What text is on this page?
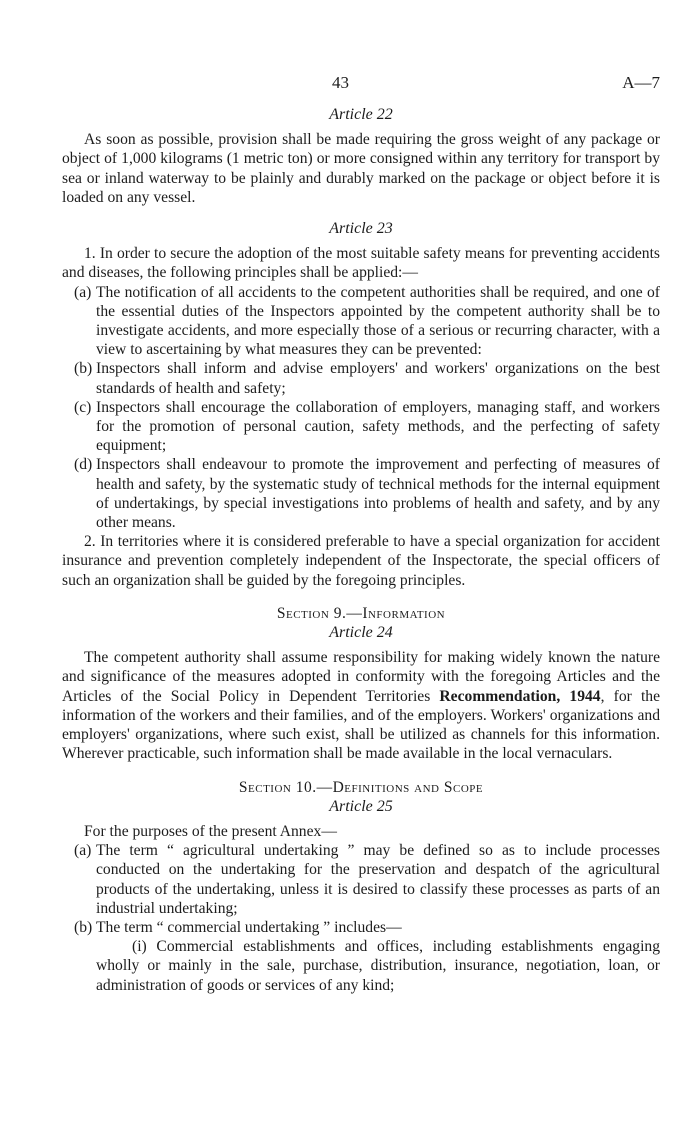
43	A—7

Article 22

As soon as possible, provision shall be made requiring the gross weight of any package or object of 1,000 kilograms (1 metric ton) or more consigned within any territory for transport by sea or inland waterway to be plainly and durably marked on the package or object before it is loaded on any vessel.

Article 23

1. In order to secure the adoption of the most suitable safety means for preventing accidents and diseases, the following principles shall be applied:—

(a) The notification of all accidents to the competent authorities shall be required, and one of the essential duties of the Inspectors appointed by the competent authority shall be to investigate accidents, and more especially those of a serious or recurring character, with a view to ascertaining by what measures they can be prevented:
(b) Inspectors shall inform and advise employers' and workers' organizations on the best standards of health and safety;
(c) Inspectors shall encourage the collaboration of employers, managing staff, and workers for the promotion of personal caution, safety methods, and the perfecting of safety equipment;
(d) Inspectors shall endeavour to promote the improvement and perfecting of measures of health and safety, by the systematic study of technical methods for the internal equipment of undertakings, by special investigations into problems of health and safety, and by any other means.

2. In territories where it is considered preferable to have a special organization for accident insurance and prevention completely independent of the Inspectorate, the special officers of such an organization shall be guided by the foregoing principles.

Section 9.—Information

Article 24

The competent authority shall assume responsibility for making widely known the nature and significance of the measures adopted in conformity with the foregoing Articles and the Articles of the Social Policy in Dependent Territories Recommendation, 1944, for the information of the workers and their families, and of the employers. Workers' organizations and employers' organizations, where such exist, shall be utilized as channels for this information. Wherever practicable, such information shall be made available in the local vernaculars.

Section 10.—Definitions and Scope

Article 25

For the purposes of the present Annex—

(a) The term “ agricultural undertaking ” may be defined so as to include processes conducted on the undertaking for the preservation and despatch of the agricultural products of the undertaking, unless it is desired to classify these processes as parts of an industrial undertaking;
(b) The term “ commercial undertaking ” includes—

(i) Commercial establishments and offices, including establishments engaging wholly or mainly in the sale, purchase, distribution, insurance, negotiation, loan, or administration of goods or services of any kind;
